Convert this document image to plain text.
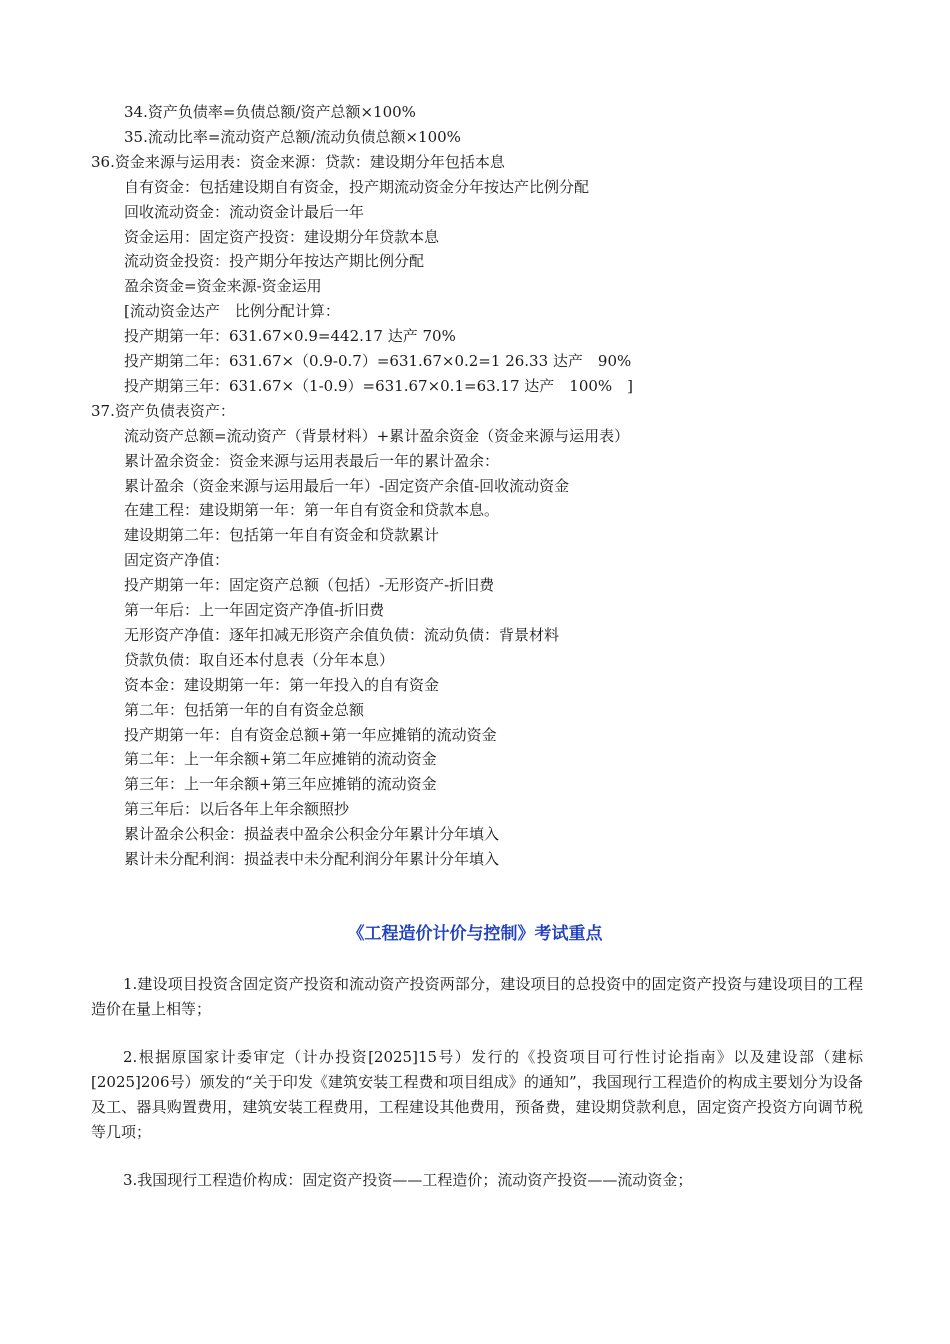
34.资产负债率=负债总额/资产总额×100%
35.流动比率=流动资产总额/流动负债总额×100%
36.资金来源与运用表：资金来源：贷款：建设期分年包括本息
自有资金：包括建设期自有资金，投产期流动资金分年按达产比例分配
回收流动资金：流动资金计最后一年
资金运用：固定资产投资：建设期分年贷款本息
流动资金投资：投产期分年按达产期比例分配
盈余资金=资金来源-资金运用
[流动资金达产　比例分配计算：
投产期第一年：631.67×0.9=442.17 达产 70%
投产期第二年：631.67×（0.9-0.7）=631.67×0.2=1 26.33 达产　90%
投产期第三年：631.67×（1-0.9）=631.67×0.1=63.17 达产　100%　]
37.资产负债表资产：
流动资产总额=流动资产（背景材料）+累计盈余资金（资金来源与运用表）
累计盈余资金：资金来源与运用表最后一年的累计盈余：
累计盈余（资金来源与运用最后一年）-固定资产余值-回收流动资金
在建工程：建设期第一年：第一年自有资金和贷款本息。
建设期第二年：包括第一年自有资金和贷款累计
固定资产净值：
投产期第一年：固定资产总额（包括）-无形资产-折旧费
第一年后：上一年固定资产净值-折旧费
无形资产净值：逐年扣减无形资产余值负债：流动负债：背景材料
贷款负债：取自还本付息表（分年本息）
资本金：建设期第一年：第一年投入的自有资金
第二年：包括第一年的自有资金总额
投产期第一年：自有资金总额+第一年应摊销的流动资金
第二年：上一年余额+第二年应摊销的流动资金
第三年：上一年余额+第三年应摊销的流动资金
第三年后：以后各年上年余额照抄
累计盈余公积金：损益表中盈余公积金分年累计分年填入
累计未分配利润：损益表中未分配利润分年累计分年填入
《工程造价计价与控制》考试重点
1.建设项目投资含固定资产投资和流动资产投资两部分，建设项目的总投资中的固定资产投资与建设项目的工程造价在量上相等；
2.根据原国家计委审定（计办投资[2025]15号）发行的《投资项目可行性讨论指南》以及建设部（建标[2025]206号）颁发的“关于印发《建筑安装工程费和项目组成》的通知”，我国现行工程造价的构成主要划分为设备及工、器具购置费用，建筑安装工程费用，工程建设其他费用，预备费，建设期贷款利息，固定资产投资方向调节税等几项；
3.我国现行工程造价构成：固定资产投资——工程造价；流动资产投资——流动资金；
